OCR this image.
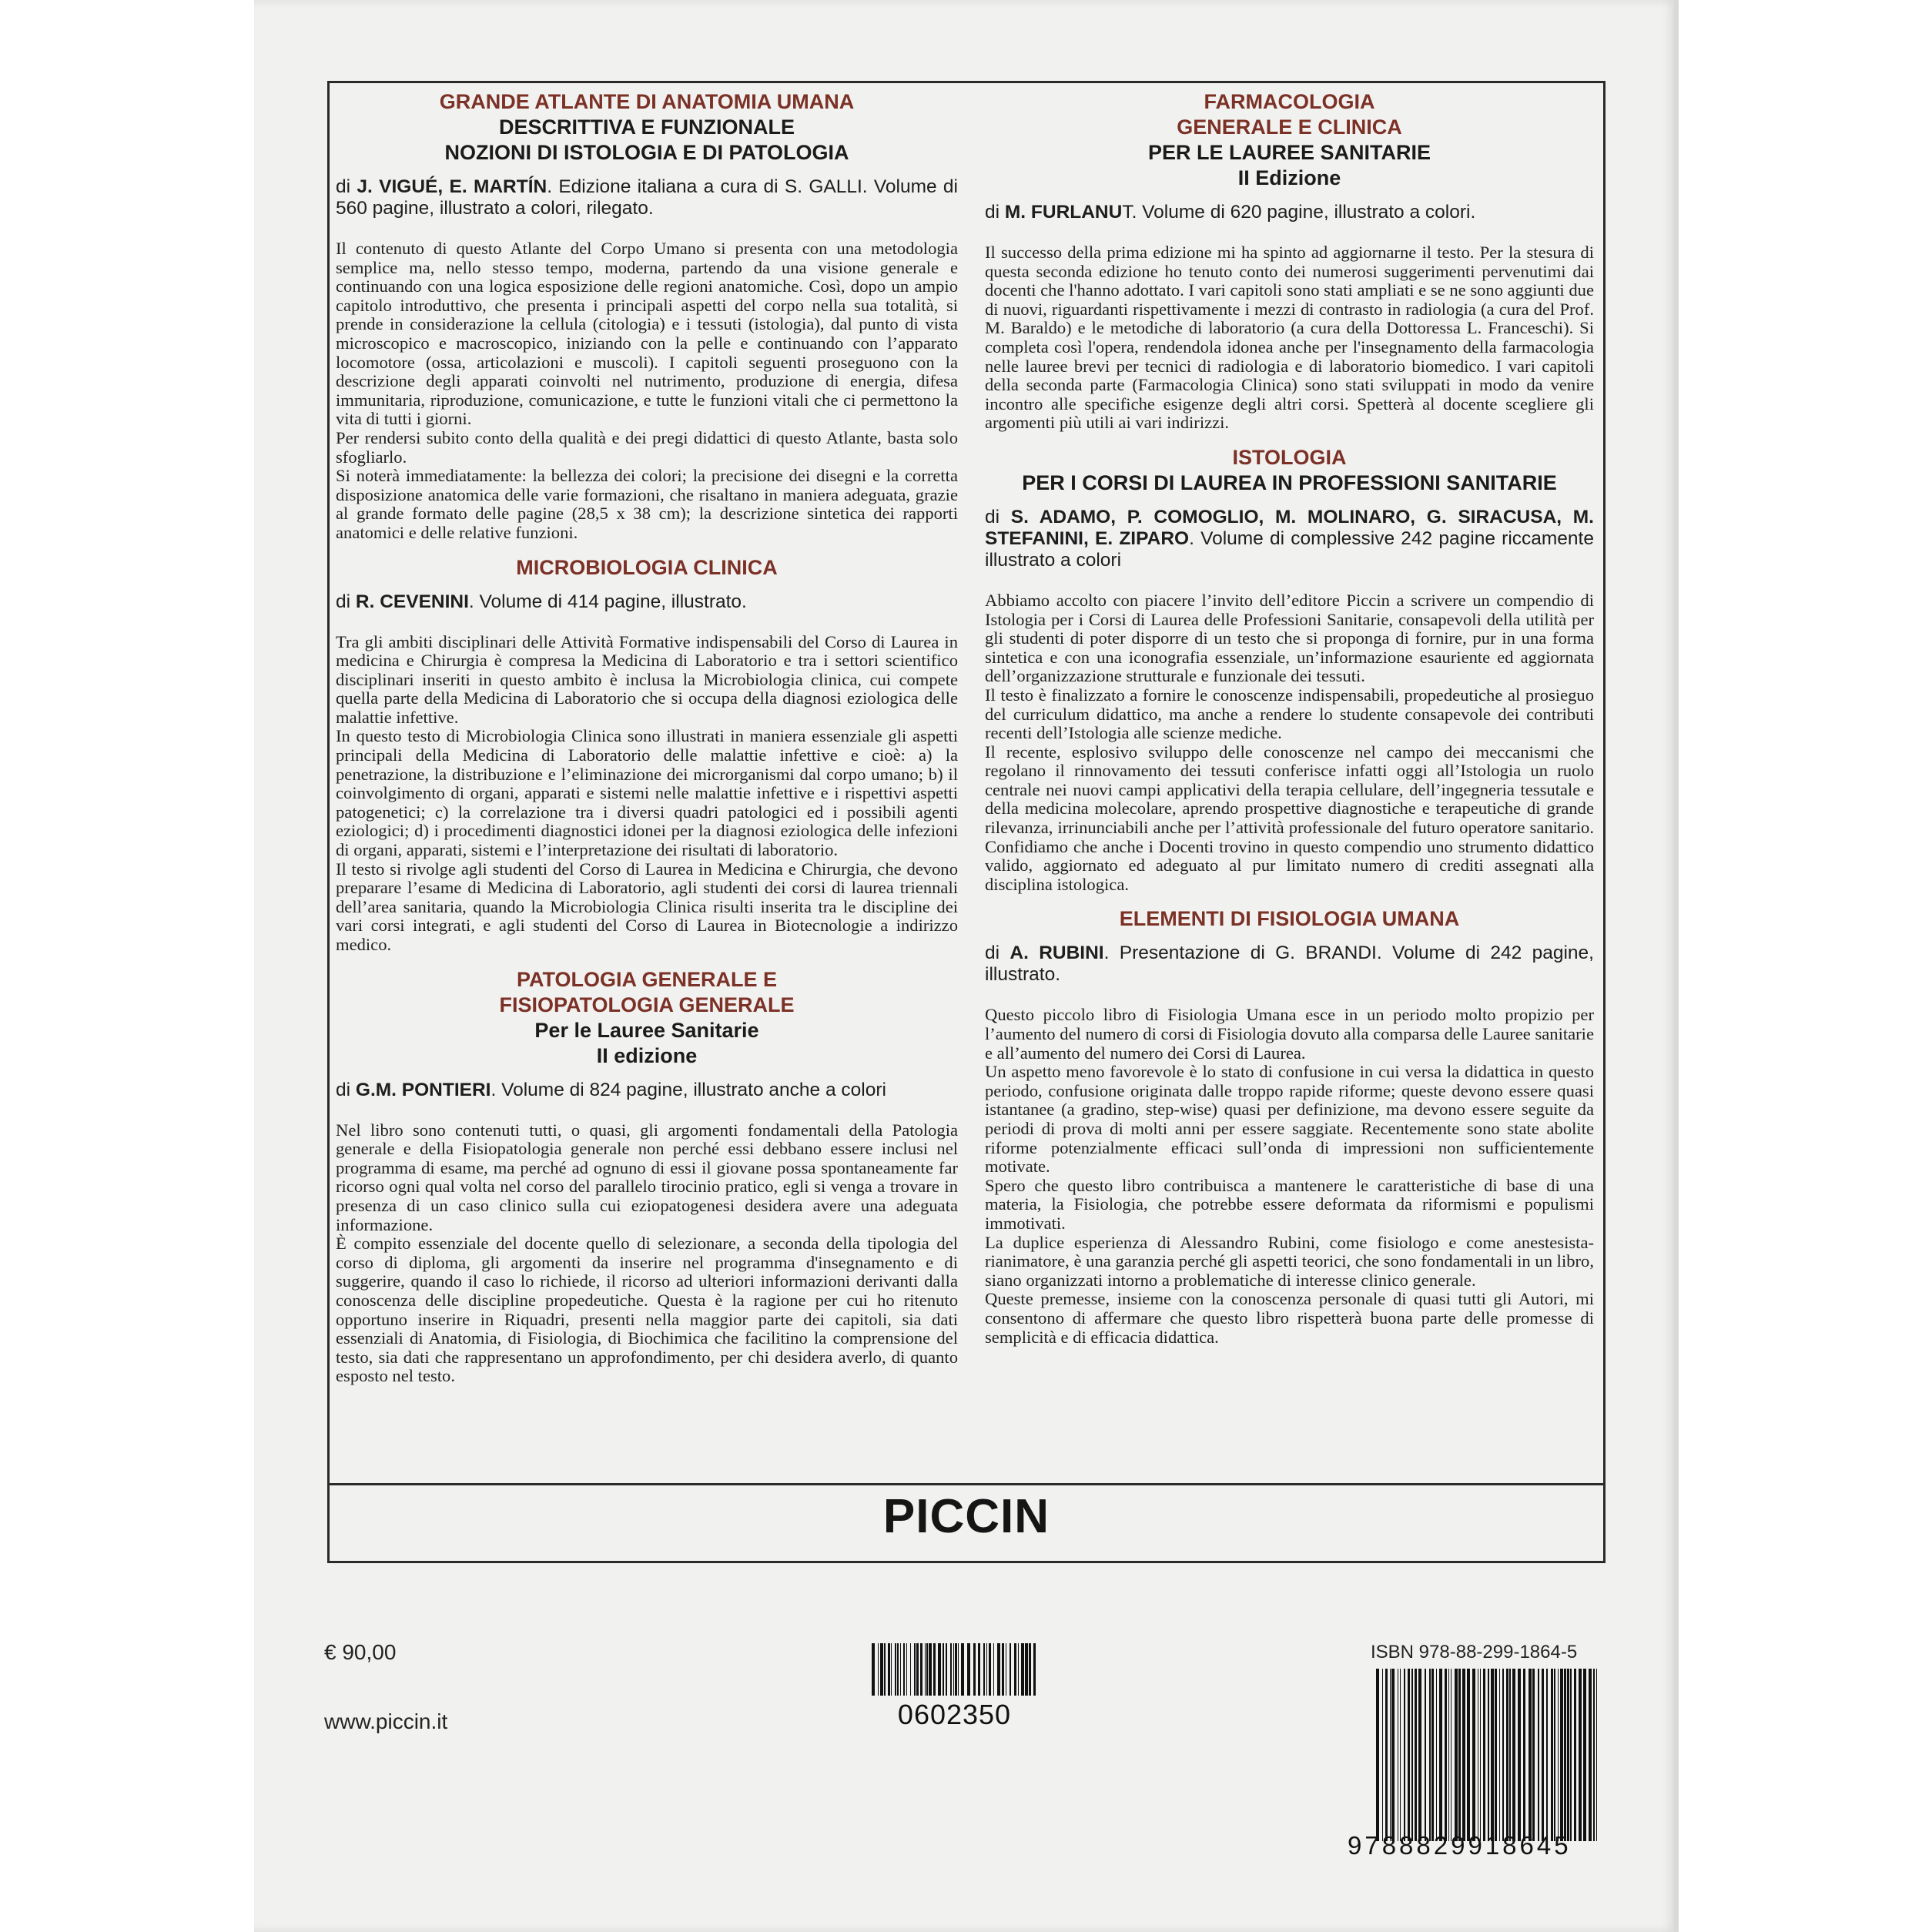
GRANDE ATLANTE DI ANATOMIA UMANA
DESCRITTIVA E FUNZIONALE
NOZIONI DI ISTOLOGIA E DI PATOLOGIA
di J. VIGUÉ, E. MARTÍN. Edizione italiana a cura di S. GALLI. Volume di 560 pagine, illustrato a colori, rilegato.

Il contenuto di questo Atlante del Corpo Umano si presenta con una metodologia semplice ma, nello stesso tempo, moderna, partendo da una visione generale e continuando con una logica esposizione delle regioni anatomiche. Così, dopo un ampio capitolo introduttivo, che presenta i principali aspetti del corpo nella sua totalità, si prende in considerazione la cellula (citologia) e i tessuti (istologia), dal punto di vista microscopico e macroscopico, iniziando con la pelle e continuando con l’apparato locomotore (ossa, articolazioni e muscoli). I capitoli seguenti proseguono con la descrizione degli apparati coinvolti nel nutrimento, produzione di energia, difesa immunitaria, riproduzione, comunicazione, e tutte le funzioni vitali che ci permettono la vita di tutti i giorni.

Per rendersi subito conto della qualità e dei pregi didattici di questo Atlante, basta solo sfogliarlo.

Si noterà immediatamente: la bellezza dei colori; la precisione dei disegni e la corretta disposizione anatomica delle varie formazioni, che risaltano in maniera adeguata, grazie al grande formato delle pagine (28,5 x 38 cm); la descrizione sintetica dei rapporti anatomici e delle relative funzioni.

MICROBIOLOGIA CLINICA
di R. CEVENINI. Volume di 414 pagine, illustrato.

Tra gli ambiti disciplinari delle Attività Formative indispensabili del Corso di Laurea in medicina e Chirurgia è compresa la Medicina di Laboratorio e tra i settori scientifico disciplinari inseriti in questo ambito è inclusa la Microbiologia clinica, cui compete quella parte della Medicina di Laboratorio che si occupa della diagnosi eziologica delle malattie infettive.

In questo testo di Microbiologia Clinica sono illustrati in maniera essenziale gli aspetti principali della Medicina di Laboratorio delle malattie infettive e cioè: a) la penetrazione, la distribuzione e l’eliminazione dei microrganismi dal corpo umano; b) il coinvolgimento di organi, apparati e sistemi nelle malattie infettive e i rispettivi aspetti patogenetici; c) la correlazione tra i diversi quadri patologici ed i possibili agenti eziologici; d) i procedimenti diagnostici idonei per la diagnosi eziologica delle infezioni di organi, apparati, sistemi e l’interpretazione dei risultati di laboratorio.

Il testo si rivolge agli studenti del Corso di Laurea in Medicina e Chirurgia, che devono preparare l’esame di Medicina di Laboratorio, agli studenti dei corsi di laurea triennali dell’area sanitaria, quando la Microbiologia Clinica risulti inserita tra le discipline dei vari corsi integrati, e agli studenti del Corso di Laurea in Biotecnologie a indirizzo medico.

PATOLOGIA GENERALE E
FISIOPATOLOGIA GENERALE
Per le Lauree Sanitarie
II edizione
di G.M. PONTIERI. Volume di 824 pagine, illustrato anche a colori

Nel libro sono contenuti tutti, o quasi, gli argomenti fondamentali della Patologia generale e della Fisiopatologia generale non perché essi debbano essere inclusi nel programma di esame, ma perché ad ognuno di essi il giovane possa spontaneamente far ricorso ogni qual volta nel corso del parallelo tirocinio pratico, egli si venga a trovare in presenza di un caso clinico sulla cui eziopatogenesi desidera avere una adeguata informazione.

È compito essenziale del docente quello di selezionare, a seconda della tipologia del corso di diploma, gli argomenti da inserire nel programma d'insegnamento e di suggerire, quando il caso lo richiede, il ricorso ad ulteriori informazioni derivanti dalla conoscenza delle discipline propedeutiche. Questa è la ragione per cui ho ritenuto opportuno inserire in Riquadri, presenti nella maggior parte dei capitoli, sia dati essenziali di Anatomia, di Fisiologia, di Biochimica che facilitino la comprensione del testo, sia dati che rappresentano un approfondimento, per chi desidera averlo, di quanto esposto nel testo.

FARMACOLOGIA
GENERALE E CLINICA
PER LE LAUREE SANITARIE
II Edizione
di M. FURLANUT. Volume di 620 pagine, illustrato a colori.

Il successo della prima edizione mi ha spinto ad aggiornarne il testo. Per la stesura di questa seconda edizione ho tenuto conto dei numerosi suggerimenti pervenutimi dai docenti che l'hanno adottato. I vari capitoli sono stati ampliati e se ne sono aggiunti due di nuovi, riguardanti rispettivamente i mezzi di contrasto in radiologia (a cura del Prof. M. Baraldo) e le metodiche di laboratorio (a cura della Dottoressa L. Franceschi). Si completa così l'opera, rendendola idonea anche per l'insegnamento della farmacologia nelle lauree brevi per tecnici di radiologia e di laboratorio biomedico. I vari capitoli della seconda parte (Farmacologia Clinica) sono stati sviluppati in modo da venire incontro alle specifiche esigenze degli altri corsi. Spetterà al docente scegliere gli argomenti più utili ai vari indirizzi.

ISTOLOGIA
PER I CORSI DI LAUREA IN PROFESSIONI SANITARIE
di S. ADAMO, P. COMOGLIO, M. MOLINARO, G. SIRACUSA, M. STEFANINI, E. ZIPARO. Volume di complessive 242 pagine riccamente illustrato a colori

Abbiamo accolto con piacere l’invito dell’editore Piccin a scrivere un compendio di Istologia per i Corsi di Laurea delle Professioni Sanitarie, consapevoli della utilità per gli studenti di poter disporre di un testo che si proponga di fornire, pur in una forma sintetica e con una iconografia essenziale, un’informazione esauriente ed aggiornata dell’organizzazione strutturale e funzionale dei tessuti.

Il testo è finalizzato a fornire le conoscenze indispensabili, propedeutiche al prosieguo del curriculum didattico, ma anche a rendere lo studente consapevole dei contributi recenti dell’Istologia alle scienze mediche.

Il recente, esplosivo sviluppo delle conoscenze nel campo dei meccanismi che regolano il rinnovamento dei tessuti conferisce infatti oggi all’Istologia un ruolo centrale nei nuovi campi applicativi della terapia cellulare, dell’ingegneria tessutale e della medicina molecolare, aprendo prospettive diagnostiche e terapeutiche di grande rilevanza, irrinunciabili anche per l’attività professionale del futuro operatore sanitario. Confidiamo che anche i Docenti trovino in questo compendio uno strumento didattico valido, aggiornato ed adeguato al pur limitato numero di crediti assegnati alla disciplina istologica.

ELEMENTI DI FISIOLOGIA UMANA
di A. RUBINI. Presentazione di G. BRANDI. Volume di 242 pagine, illustrato.

Questo piccolo libro di Fisiologia Umana esce in un periodo molto propizio per l’aumento del numero di corsi di Fisiologia dovuto alla comparsa delle Lauree sanitarie e all’aumento del numero dei Corsi di Laurea.

Un aspetto meno favorevole è lo stato di confusione in cui versa la didattica in questo periodo, confusione originata dalle troppo rapide riforme; queste devono essere quasi istantanee (a gradino, step-wise) quasi per definizione, ma devono essere seguite da periodi di prova di molti anni per essere saggiate. Recentemente sono state abolite riforme potenzialmente efficaci sull’onda di impressioni non sufficientemente motivate.

Spero che questo libro contribuisca a mantenere le caratteristiche di base di una materia, la Fisiologia, che potrebbe essere deformata da riformismi e populismi immotivati.

La duplice esperienza di Alessandro Rubini, come fisiologo e come anestesista-rianimatore, è una garanzia perché gli aspetti teorici, che sono fondamentali in un libro, siano organizzati intorno a problematiche di interesse clinico generale.

Queste premesse, insieme con la conoscenza personale di quasi tutti gli Autori, mi consentono di affermare che questo libro rispetterà buona parte delle promesse di semplicità e di efficacia didattica.

PICCIN
€ 90,00
www.piccin.it	0602350
ISBN 978-88-299-1864-5
9788829918645
